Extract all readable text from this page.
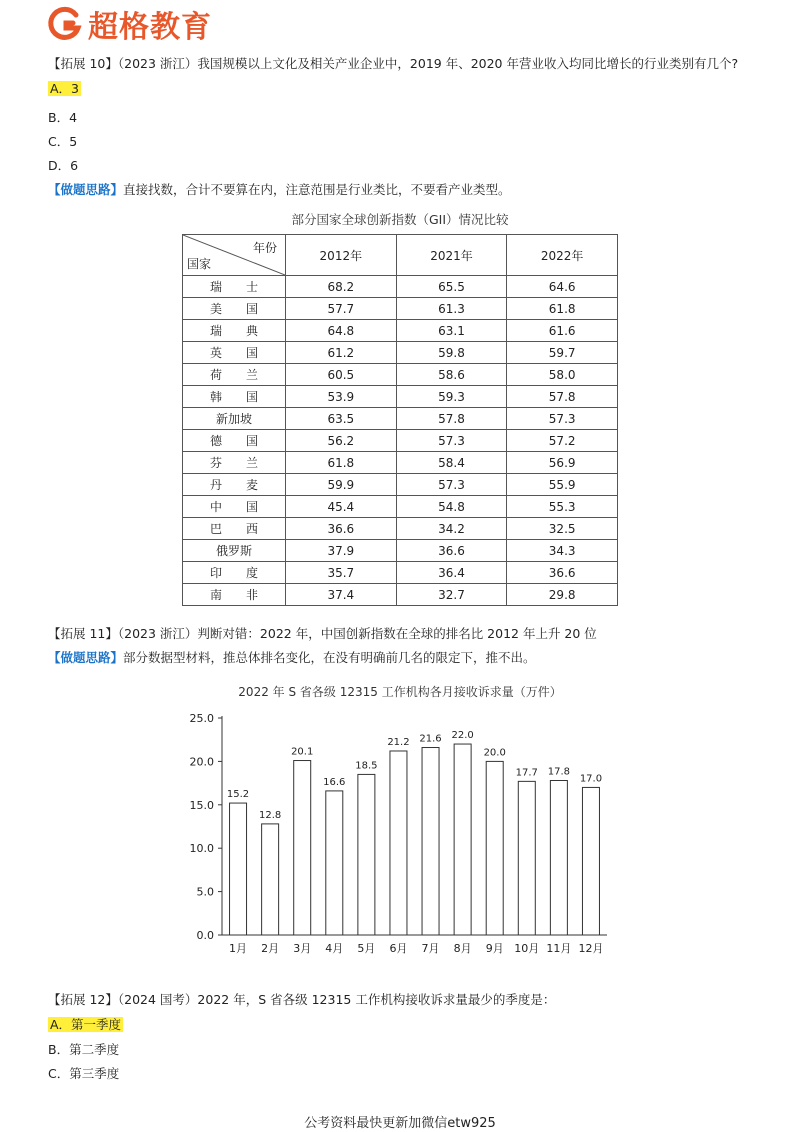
超格教育
【拓展 10】（2023 浙江）我国规模以上文化及相关产业企业中，2019 年、2020 年营业收入均同比增长的行业类别有几个?
A．3
B．4
C．5
D．6
【做题思路】直接找数，合计不要算在内，注意范围是行业类比，不要看产业类型。
部分国家全球创新指数（GII）情况比较
年份
国家	2012年	2021年	2022年
瑞　　士	68.2	65.5	64.6
美　　国	57.7	61.3	61.8
瑞　　典	64.8	63.1	61.6
英　　国	61.2	59.8	59.7
荷　　兰	60.5	58.6	58.0
韩　　国	53.9	59.3	57.8
新加坡	63.5	57.8	57.3
德　　国	56.2	57.3	57.2
芬　　兰	61.8	58.4	56.9
丹　　麦	59.9	57.3	55.9
中　　国	45.4	54.8	55.3
巴　　西	36.6	34.2	32.5
俄罗斯	37.9	36.6	34.3
印　　度	35.7	36.4	36.6
南　　非	37.4	32.7	29.8
【拓展 11】（2023 浙江）判断对错：2022 年，中国创新指数在全球的排名比 2012 年上升 20 位
【做题思路】部分数据型材料，推总体排名变化，在没有明确前几名的限定下，推不出。
2022 年 S 省各级 12315 工作机构各月接收诉求量（万件）
0.0
5.0
10.0
15.0
20.0
25.0
15.2
1月
12.8
2月
20.1
3月
16.6
4月
18.5
5月
21.2
6月
21.6
7月
22.0
8月
20.0
9月
17.7
10月
17.8
11月
17.0
12月
【拓展 12】（2024 国考）2022 年，S 省各级 12315 工作机构接收诉求量最少的季度是：
A．第一季度
B．第二季度
C．第三季度
公考资料最快更新加微信etw925
